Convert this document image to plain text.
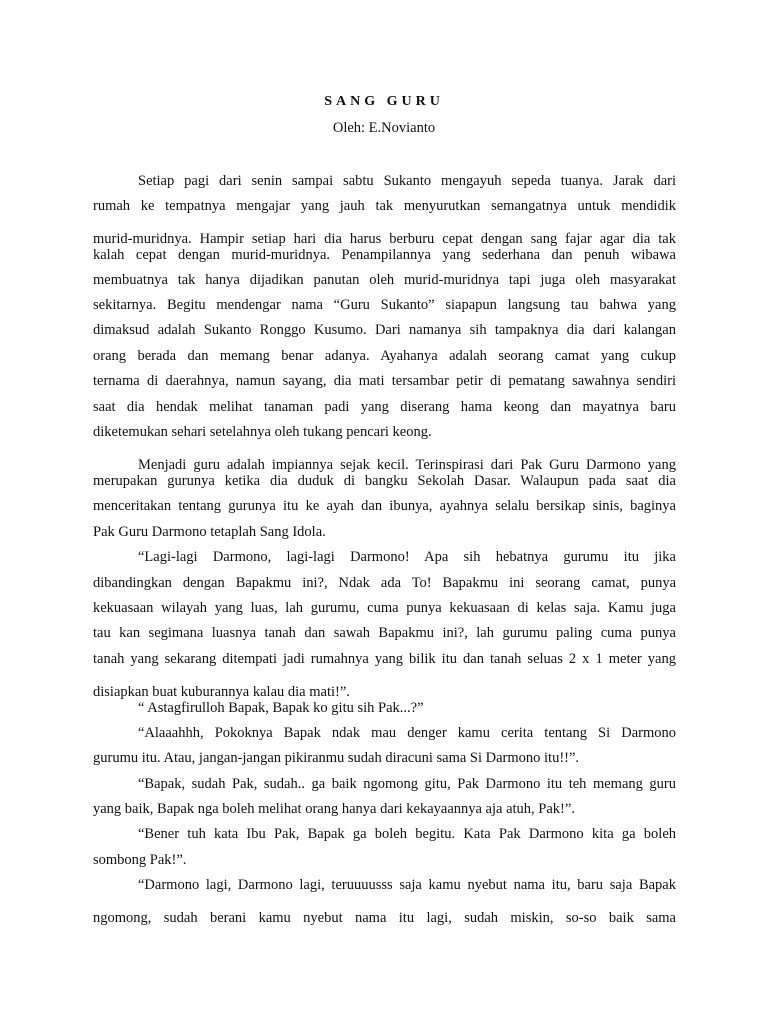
SANG GURU
Oleh: E.Novianto
Setiap pagi dari senin sampai sabtu Sukanto mengayuh sepeda tuanya. Jarak dari
rumah ke tempatnya mengajar yang jauh tak menyurutkan semangatnya untuk mendidik
murid-muridnya. Hampir setiap hari dia harus berburu cepat dengan sang fajar agar dia tak
kalah cepat dengan murid-muridnya. Penampilannya yang sederhana dan penuh wibawa
membuatnya tak hanya dijadikan panutan oleh murid-muridnya tapi juga oleh masyarakat
sekitarnya. Begitu mendengar nama “Guru Sukanto” siapapun langsung tau bahwa yang
dimaksud adalah Sukanto Ronggo Kusumo. Dari namanya sih tampaknya dia dari kalangan
orang berada dan memang benar adanya. Ayahanya adalah seorang camat yang cukup
ternama di daerahnya, namun sayang, dia mati tersambar petir di pematang sawahnya sendiri
saat dia hendak melihat tanaman padi yang diserang hama keong dan mayatnya baru
diketemukan sehari setelahnya oleh tukang pencari keong.
Menjadi guru adalah impiannya sejak kecil. Terinspirasi dari Pak Guru Darmono yang
merupakan gurunya ketika dia duduk di bangku Sekolah Dasar. Walaupun pada saat dia
menceritakan tentang gurunya itu ke ayah dan ibunya, ayahnya selalu bersikap sinis, baginya
Pak Guru Darmono tetaplah Sang Idola.
“Lagi-lagi Darmono, lagi-lagi Darmono! Apa sih hebatnya gurumu itu jika
dibandingkan dengan Bapakmu ini?, Ndak ada To! Bapakmu ini seorang camat, punya
kekuasaan wilayah yang luas, lah gurumu, cuma punya kekuasaan di kelas saja. Kamu juga
tau kan segimana luasnya tanah dan sawah Bapakmu ini?, lah gurumu paling cuma punya
tanah yang sekarang ditempati jadi rumahnya yang bilik itu dan tanah seluas 2 x 1 meter yang
disiapkan buat kuburannya kalau dia mati!”.
“ Astagfirulloh Bapak, Bapak ko gitu sih Pak...?”
“Alaaahhh, Pokoknya Bapak ndak mau denger kamu cerita tentang Si Darmono
gurumu itu. Atau, jangan-jangan pikiranmu sudah diracuni sama Si Darmono itu!!”.
“Bapak, sudah Pak, sudah.. ga baik ngomong gitu, Pak Darmono itu teh memang guru
yang baik, Bapak nga boleh melihat orang hanya dari kekayaannya aja atuh, Pak!”.
“Bener tuh kata Ibu Pak, Bapak ga boleh begitu. Kata Pak Darmono kita ga boleh
sombong Pak!”.
“Darmono lagi, Darmono lagi, teruuuusss saja kamu nyebut nama itu, baru saja Bapak
ngomong, sudah berani kamu nyebut nama itu lagi, sudah miskin, so-so baik sama
